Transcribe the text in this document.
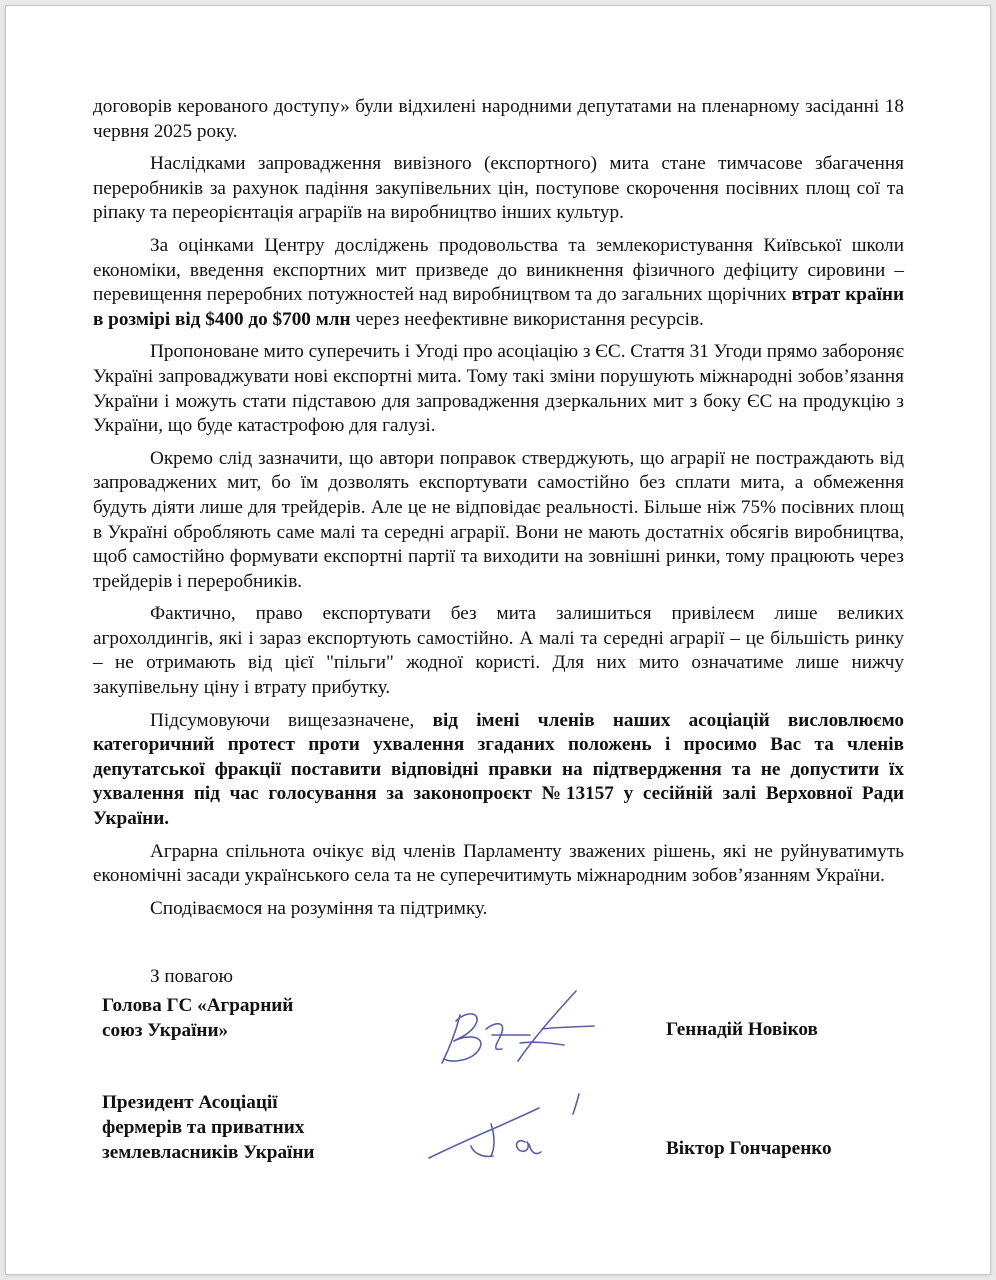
договорів керованого доступу» були відхилені народними депутатами на пленарному засіданні 18 червня 2025 року.

Наслідками запровадження вивізного (експортного) мита стане тимчасове збагачення переробників за рахунок падіння закупівельних цін, поступове скорочення посівних площ сої та ріпаку та переорієнтація аграріїв на виробництво інших культур.

За оцінками Центру досліджень продовольства та землекористування Київської школи економіки, введення експортних мит призведе до виникнення фізичного дефіциту сировини – перевищення переробних потужностей над виробництвом та до загальних щорічних втрат країни в розмірі від $400 до $700 млн через неефективне використання ресурсів.

Пропоноване мито суперечить і Угоді про асоціацію з ЄС. Стаття 31 Угоди прямо забороняє Україні запроваджувати нові експортні мита. Тому такі зміни порушують міжнародні зобов’язання України і можуть стати підставою для запровадження дзеркальних мит з боку ЄС на продукцію з України, що буде катастрофою для галузі.

Окремо слід зазначити, що автори поправок стверджують, що аграрії не постраждають від запроваджених мит, бо їм дозволять експортувати самостійно без сплати мита, а обмеження будуть діяти лише для трейдерів. Але це не відповідає реальності. Більше ніж 75% посівних площ в Україні обробляють саме малі та середні аграрії. Вони не мають достатніх обсягів виробництва, щоб самостійно формувати експортні партії та виходити на зовнішні ринки, тому працюють через трейдерів і переробників.

Фактично, право експортувати без мита залишиться привілеєм лише великих агрохолдингів, які і зараз експортують самостійно. А малі та середні аграрії – це більшість ринку – не отримають від цієї "пільги" жодної користі. Для них мито означатиме лише нижчу закупівельну ціну і втрату прибутку.

Підсумовуючи вищезазначене, від імені членів наших асоціацій висловлюємо категоричний протест проти ухвалення згаданих положень і просимо Вас та членів депутатської фракції поставити відповідні правки на підтвердження та не допустити їх ухвалення під час голосування за законопроєкт №13157 у сесійній залі Верховної Ради України.

Аграрна спільнота очікує від членів Парламенту зважених рішень, які не руйнуватимуть економічні засади українського села та не суперечитимуть міжнародним зобов’язанням України.

Сподіваємося на розуміння та підтримку.

З повагою
Голова ГС «Аграрний
союз України»	Геннадій Новіков
Президент Асоціації
фермерів та приватних
землевласників України	Віктор Гончаренко
